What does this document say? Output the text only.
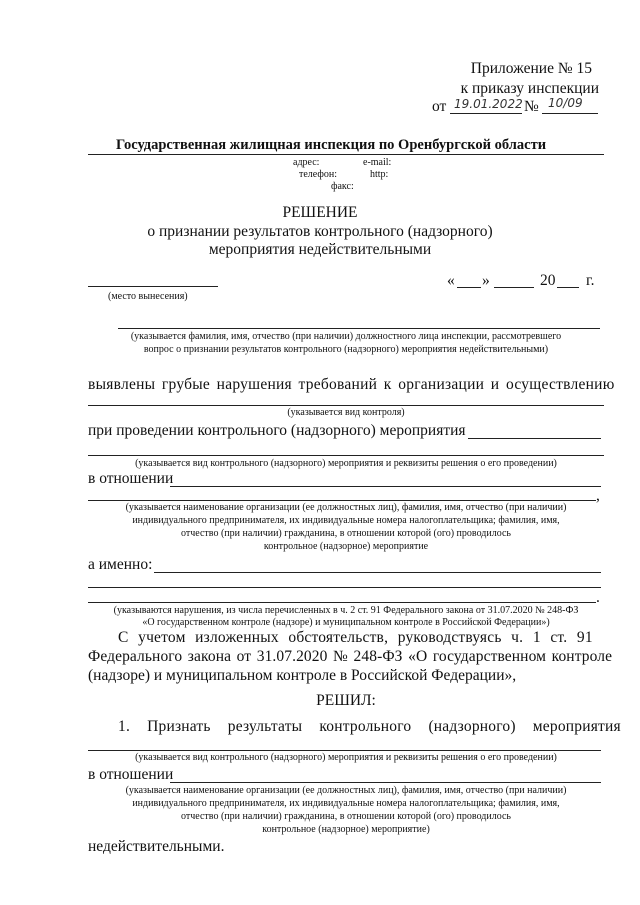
Приложение № 15
к приказу инспекции
от 19.01.2022 № 10/09
Государственная жилищная инспекция по Оренбургской области
адрес:	e-mail:
телефон:	http:
факс:
РЕШЕНИЕ
о признании результатов контрольного (надзорного)
мероприятия недействительными
(место вынесения)
« »	20 г.
(указывается фамилия, имя, отчество (при наличии) должностного лица инспекции, рассмотревшего
вопрос о признании результатов контрольного (надзорного) мероприятия недействительными)
выявлены грубые нарушения требований к организации и осуществлению
(указывается вид контроля)
при проведении контрольного (надзорного) мероприятия
(указывается вид контрольного (надзорного) мероприятия и реквизиты решения о его проведении)
в отношении
,
(указывается наименование организации (ее должностных лиц), фамилия, имя, отчество (при наличии)
индивидуального предпринимателя, их индивидуальные номера налогоплательщика; фамилия, имя,
отчество (при наличии) гражданина, в отношении которой (ого) проводилось
контрольное (надзорное) мероприятие
а именно:
.
(указываются нарушения, из числа перечисленных в ч. 2 ст. 91 Федерального закона от 31.07.2020 № 248-ФЗ
«О государственном контроле (надзоре) и муниципальном контроле в Российской Федерации»)
С учетом изложенных обстоятельств, руководствуясь ч. 1 ст. 91
Федерального закона от 31.07.2020 № 248-ФЗ «О государственном контроле
(надзоре) и муниципальном контроле в Российской Федерации»,
РЕШИЛ:
1. Признать результаты контрольного (надзорного) мероприятия
(указывается вид контрольного (надзорного) мероприятия и реквизиты решения о его проведении)
в отношении
(указывается наименование организации (ее должностных лиц), фамилия, имя, отчество (при наличии)
индивидуального предпринимателя, их индивидуальные номера налогоплательщика; фамилия, имя,
отчество (при наличии) гражданина, в отношении которой (ого) проводилось
контрольное (надзорное) мероприятие)
недействительными.
